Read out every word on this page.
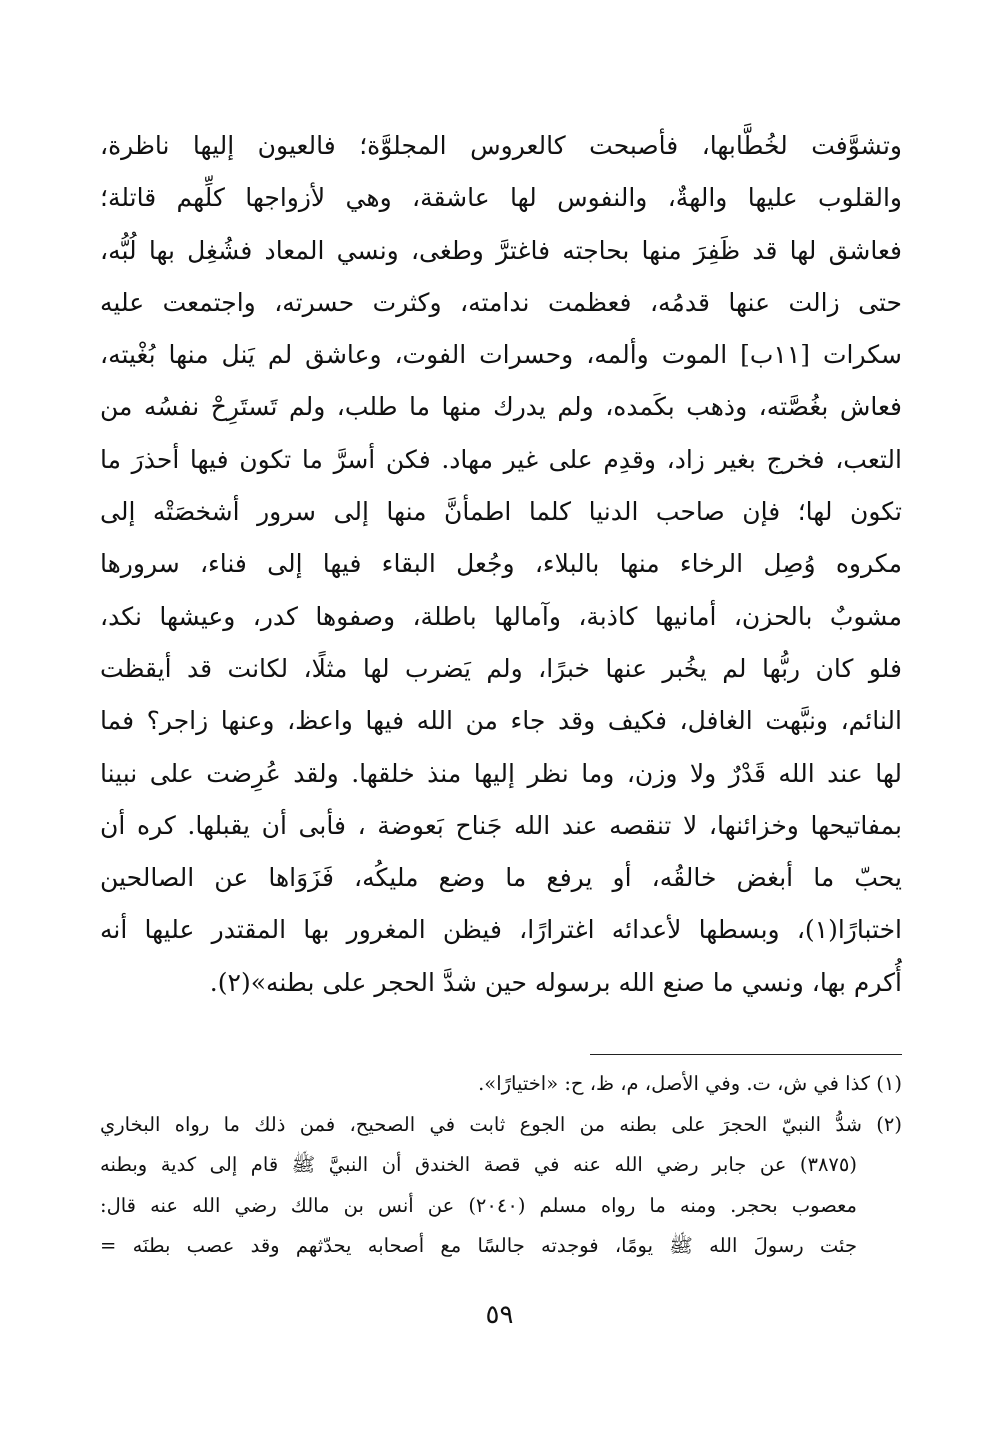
وتشوَّفت لخُطَّابها، فأصبحت كالعروس المجلوَّة؛ فالعيون إليها ناظرة،
والقلوب عليها والهةٌ، والنفوس لها عاشقة، وهي لأزواجها كلِّهم قاتلة؛
فعاشق لها قد ظَفِرَ منها بحاجته فاغترَّ وطغى، ونسي المعاد فشُغِل بها لُبُّه،
حتى زالت عنها قدمُه، فعظمت ندامته، وكثرت حسرته، واجتمعت عليه
سكرات [١١ب] الموت وألمه، وحسرات الفوت، وعاشق لم يَنل منها بُغْيته،
فعاش بغُصَّته، وذهب بكَمده، ولم يدرك منها ما طلب، ولم تَستَرِحْ نفسُه من
التعب، فخرج بغير زاد، وقدِم على غير مهاد. فكن أسرَّ ما تكون فيها أحذرَ ما
تكون لها؛ فإن صاحب الدنيا كلما اطمأنَّ منها إلى سرور أشخصَتْه إلى
مكروه وُصِل الرخاء منها بالبلاء، وجُعل البقاء فيها إلى فناء، سرورها
مشوبٌ بالحزن، أمانيها كاذبة، وآمالها باطلة، وصفوها كدر، وعيشها نكد،
فلو كان ربُّها لم يخُبر عنها خبرًا، ولم يَضرب لها مثلًا، لكانت قد أيقظت
النائم، ونبَّهت الغافل، فكيف وقد جاء من الله فيها واعظ، وعنها زاجر؟ فما
لها عند الله قَدْرٌ ولا وزن، وما نظر إليها منذ خلقها. ولقد عُرِضت على نبينا
بمفاتيحها وخزائنها، لا تنقصه عند الله جَناح بَعوضة ، فأبى أن يقبلها. كره أن
يحبّ ما أبغض خالقُه، أو يرفع ما وضع مليكُه، فَزَوَاها عن الصالحين
اختبارًا(١)، وبسطها لأعدائه اغترارًا، فيظن المغرور بها المقتدر عليها أنه
أُكرم بها، ونسي ما صنع الله برسوله حين شدَّ الحجر على بطنه»(٢).
(١) كذا في ش، ت. وفي الأصل، م، ظ، ح: «اختيارًا».
(٢) شدُّ النبيّ الحجرَ على بطنه من الجوع ثابت في الصحيح، فمن ذلك ما رواه البخاري
(٣٨٧٥) عن جابر رضي الله عنه في قصة الخندق أن النبيَّ ﷺ قام إلى كدية وبطنه
معصوب بحجر. ومنه ما رواه مسلم (٢٠٤٠) عن أنس بن مالك رضي الله عنه قال:
جئت رسولَ الله ﷺ يومًا، فوجدته جالسًا مع أصحابه يحدّثهم وقد عصب بطنَه =
٥٩
